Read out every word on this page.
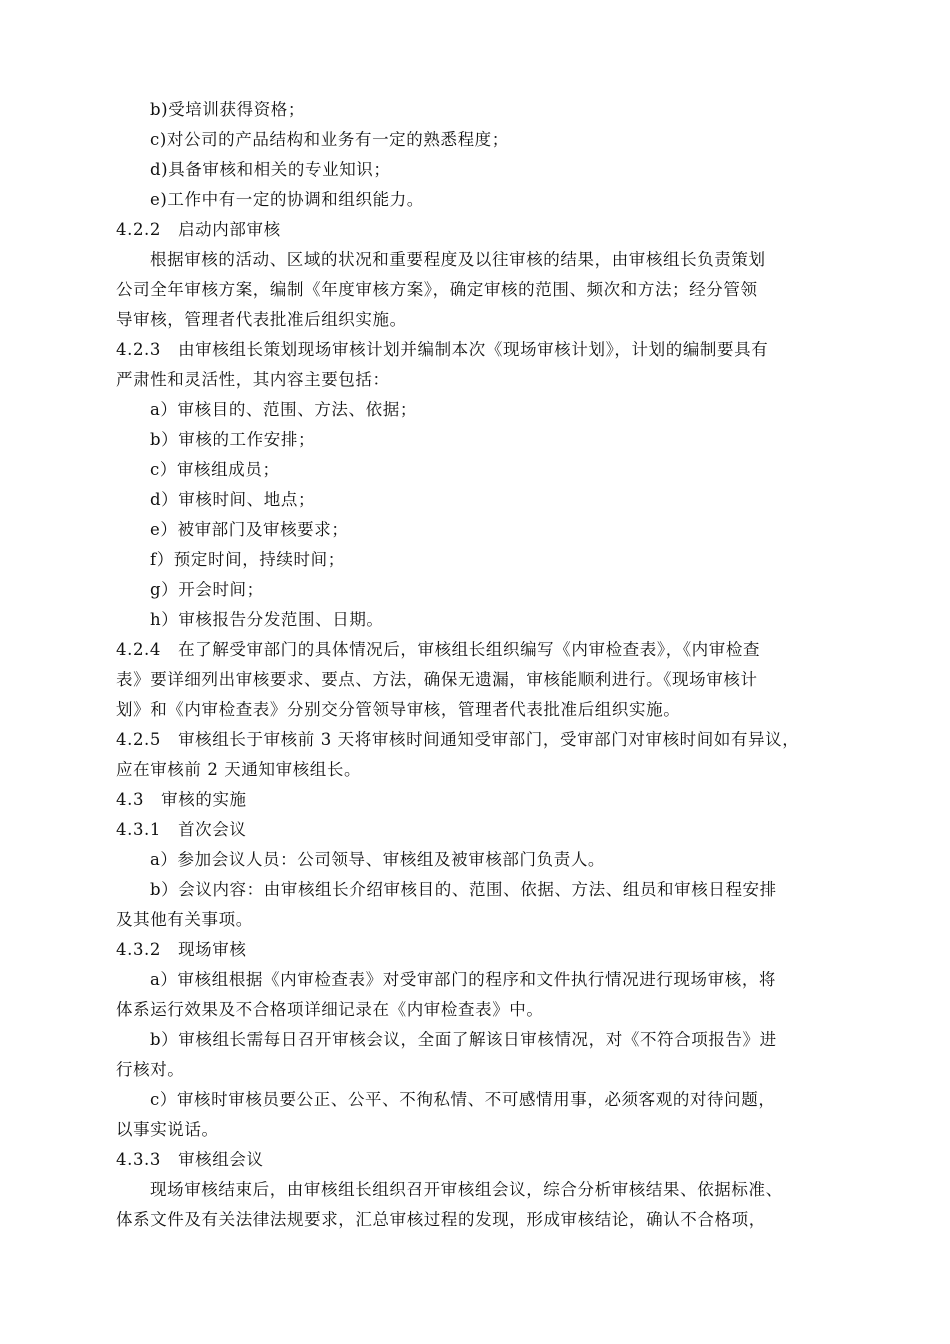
b)受培训获得资格；
c)对公司的产品结构和业务有一定的熟悉程度；
d)具备审核和相关的专业知识；
e)工作中有一定的协调和组织能力。
4.2.2　启动内部审核
根据审核的活动、区域的状况和重要程度及以往审核的结果，由审核组长负责策划
公司全年审核方案，编制《年度审核方案》，确定审核的范围、频次和方法；经分管领
导审核，管理者代表批准后组织实施。
4.2.3　由审核组长策划现场审核计划并编制本次《现场审核计划》，计划的编制要具有
严肃性和灵活性，其内容主要包括：
a）审核目的、范围、方法、依据；
b）审核的工作安排；
c）审核组成员；
d）审核时间、地点；
e）被审部门及审核要求；
f）预定时间，持续时间；
g）开会时间；
h）审核报告分发范围、日期。
4.2.4　在了解受审部门的具体情况后，审核组长组织编写《内审检查表》，《内审检查
表》要详细列出审核要求、要点、方法，确保无遗漏，审核能顺利进行。《现场审核计
划》和《内审检查表》分别交分管领导审核，管理者代表批准后组织实施。
4.2.5　审核组长于审核前 3 天将审核时间通知受审部门，受审部门对审核时间如有异议，
应在审核前 2 天通知审核组长。
4.3　审核的实施
4.3.1　首次会议
a）参加会议人员：公司领导、审核组及被审核部门负责人。
b）会议内容：由审核组长介绍审核目的、范围、依据、方法、组员和审核日程安排
及其他有关事项。
4.3.2　现场审核
a）审核组根据《内审检查表》对受审部门的程序和文件执行情况进行现场审核，将
体系运行效果及不合格项详细记录在《内审检查表》中。
b）审核组长需每日召开审核会议，全面了解该日审核情况，对《不符合项报告》进
行核对。
c）审核时审核员要公正、公平、不徇私情、不可感情用事，必须客观的对待问题，
以事实说话。
4.3.3　审核组会议
现场审核结束后，由审核组长组织召开审核组会议，综合分析审核结果、依据标准、
体系文件及有关法律法规要求，汇总审核过程的发现，形成审核结论，确认不合格项，
